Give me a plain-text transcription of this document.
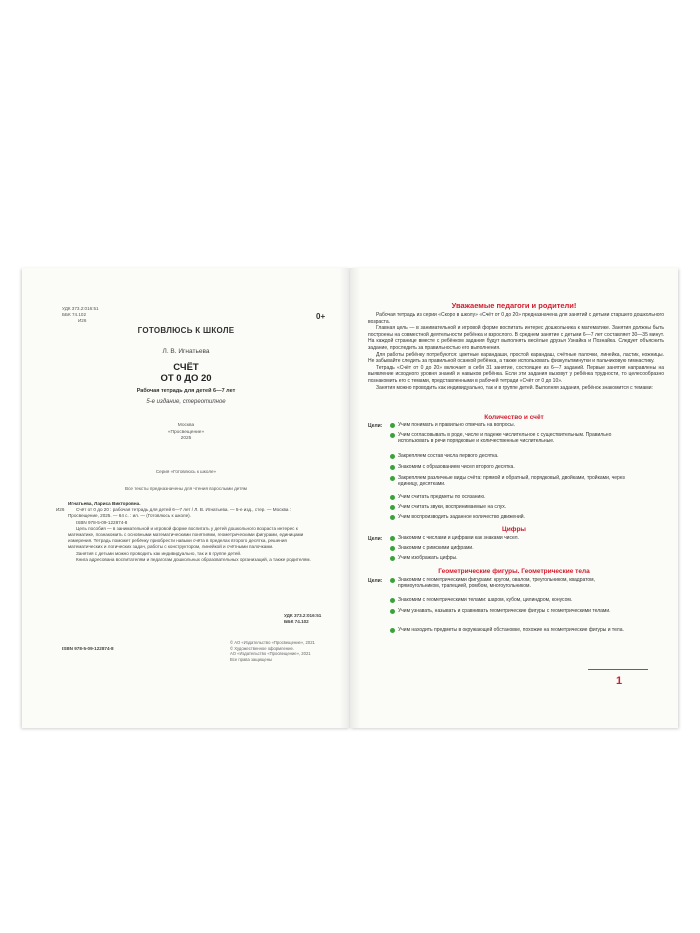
УДК 373.2:016:51
ББК 74.102
И26	0+
ГОТОВЛЮСЬ К ШКОЛЕ
Л. В. Игнатьева
СЧЁТ
ОТ 0 ДО 20
Рабочая тетрадь для детей 6—7 лет
5-е издание, стереотипное
Москва
«Просвещение»
2025
Серия «Готовлюсь к школе»
Все тексты предназначены для чтения взрослыми детям
Игнатьева, Лариса Викторовна.
И26	Счёт от 0 до 20 : рабочая тетрадь для детей 6—7 лет / Л. В. Игнатьева. — 5-е изд., стер. — Москва : Просвещение, 2025. — 64 с. : ил. — (Готовлюсь к школе).

ISBN 978-5-09-122874-8

Цель пособия — в занимательной и игровой форме воспитать у детей дошкольного возраста интерес к математике, познакомить с основными математическими понятиями, геометрическими фигурами, единицами измерения. Тетрадь поможет ребёнку приобрести навыки счёта в пределах второго десятка, решения математических и логических задач, работы с конструктором, линейкой и счётными палочками.

Занятия с детьми можно проводить как индивидуально, так и в группе детей.

Книга адресована воспитателям и педагогам дошкольных образовательных организаций, а также родителям.

УДК 373.2:016:51
ББК 74.102
ISBN 978-5-09-122874-8
© АО «Издательство «Просвещение», 2021
© Художественное оформление.
АО «Издательство «Просвещение», 2021
Все права защищены
Уважаемые педагоги и родители!

Рабочая тетрадь из серии «Скоро в школу» «Счёт от 0 до 20» предназначена для занятий с детьми старшего дошкольного возраста.

Главная цель — в занимательной и игровой форме воспитать интерес дошкольника к математике. Занятия должны быть построены на совместной деятельности ребёнка и взрослого. В среднем занятие с детьми 6—7 лет составляет 30—35 минут. На каждой странице вместе с ребёнком задания будут выполнять весёлые друзья Узнайка и Познайка. Следует объяснить задание, проследить за правильностью его выполнения.

Для работы ребёнку потребуются: цветные карандаши, простой карандаш, счётные палочки, линейка, ластик, ножницы. Не забывайте следить за правильной осанкой ребёнка, а также использовать физкультминутки и пальчиковую гимнастику.

Тетрадь «Счёт от 0 до 20» включает в себя 31 занятие, состоящее из 6—7 заданий. Первые занятия направлены на выявление исходного уровня знаний и навыков ребёнка. Если эти задания вызовут у ребёнка трудности, то целесообразно познакомить его с темами, представленными в рабочей тетради «Счёт от 0 до 10».

Занятия можно проводить как индивидуально, так и в группе детей. Выполняя задания, ребёнок знакомится с темами:

Количество и счёт
Цели:	Учим понимать и правильно отвечать на вопросы.
Учим согласовывать в роде, числе и падеже числительное с существительным. Правильно использовать в речи порядковые и количественные числительные.
Закрепляем состав числа первого десятка.
Знакомим с образованием чисел второго десятка.
Закрепляем различные виды счёта: прямой и обратный, порядковый, двойками, тройками, через единицу, десятками.
Учим считать предметы по осязанию.
Учим считать звуки, воспринимаемые на слух.
Учим воспроизводить заданное количество движений.
Цифры
Цели:	Знакомим с числами и цифрами как знаками чисел.
Знакомим с римскими цифрами.
Учим изображать цифры.
Геометрические фигуры. Геометрические тела
Цели:	Знакомим с геометрическими фигурами: кругом, овалом, треугольником, квадратом, прямоугольником, трапецией, ромбом, многоугольником.
Знакомим с геометрическими телами: шаром, кубом, цилиндром, конусом.
Учим узнавать, называть и сравнивать геометрические фигуры с геометрическими телами.
Учим находить предметы в окружающей обстановке, похожие на геометрические фигуры и тела.
1
